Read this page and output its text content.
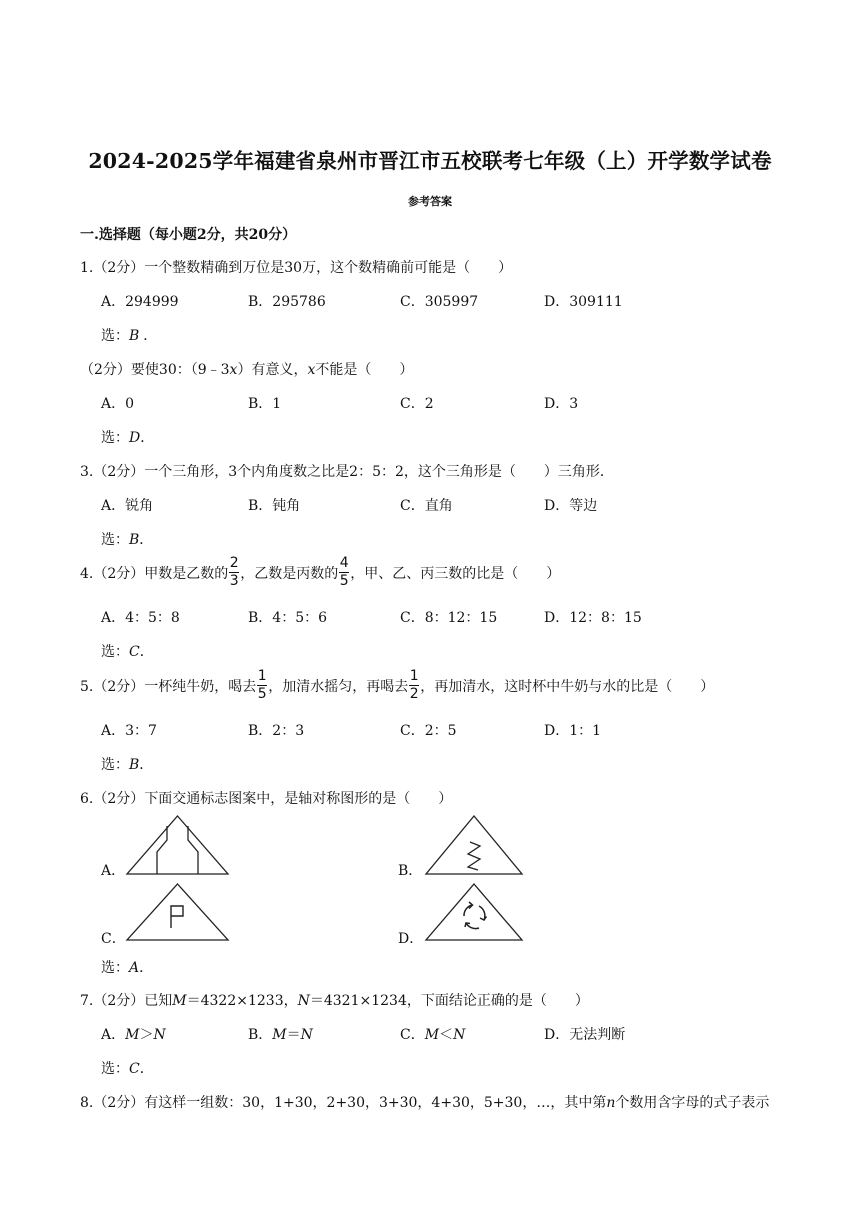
2024-2025学年福建省泉州市晋江市五校联考七年级（上）开学数学试卷
参考答案
一.选择题（每小题2分，共20分）
1.（2分）一个整数精确到万位是30万，这个数精确前可能是（　　）
A．294999	B．295786	C．305997	D．309111
选：B ．
（2分）要使30：（9﹣3x）有意义，x不能是（　　）
A．0	B．1	C．2	D．3
选：D．
3.（2分）一个三角形，3个内角度数之比是2：5：2，这个三角形是（　　）三角形．
A．锐角	B．钝角	C．直角	D．等边
选：B．
4.（2分）甲数是乙数的 $\frac{2}{3}$ ，乙数是丙数的 $\frac{4}{5}$ ，甲、乙、丙三数的比是（　　）
A．4：5：8	B．4：5：6	C．8：12：15	D．12：8：15
选：C．
5.（2分）一杯纯牛奶，喝去 $\frac{1}{5}$ ，加清水摇匀，再喝去 $\frac{1}{2}$ ，再加清水，这时杯中牛奶与水的比是（　　）
A．3：7	B．2：3	C．2：5	D．1：1
选：B．
6.（2分）下面交通标志图案中，是轴对称图形的是（　　）
A．	B．
C．	D．
选：A．
7.（2分）已知M＝4322×1233，N＝4321×1234，下面结论正确的是（　　）
A．M＞N	B．M＝N	C．M＜N	D．无法判断
选：C．
8.（2分）有这样一组数：30，1+30，2+30，3+30，4+30，5+30，…，其中第n个数用含字母的式子表示
